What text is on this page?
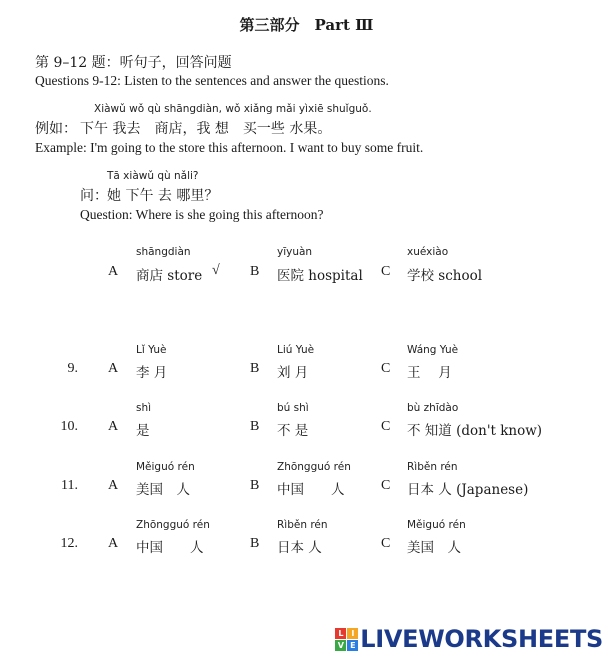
第三部分　Part Ⅲ
第 9–12 题：听句子，回答问题
Questions 9-12: Listen to the sentences and answer the questions.
Xiàwǔ wǒ qù shāngdiàn, wǒ xiǎng mǎi yìxiē shuǐguǒ.
例如： 下午 我去　商店，我 想　买一些 水果。
Example: I'm going to the store this afternoon. I want to buy some fruit.
Tā xiàwǔ qù nǎli?
问： 她 下午 去 哪里？
Question: Where is she going this afternoon?
shāngdiàn
A 商店 store √
yīyuàn
B 医院 hospital
xuéxiào
C 学校 school
9.
Lǐ Yuè
A 李 月
Liú Yuè
B 刘 月
Wáng Yuè
C 王　 月
10.
shì
A 是
bú shì
B 不 是
bù zhīdào
C 不 知道 (don't know)
11.
Měiguó rén
A 美国　人
Zhōngguó rén
B 中国　　人
Rìběn rén
C 日本 人 (Japanese)
12.
Zhōngguó rén
A 中国　　人
Rìběn rén
B 日本 人
Měiguó rén
C 美国　人
L	I
V E LIVEWORKSHEETS
